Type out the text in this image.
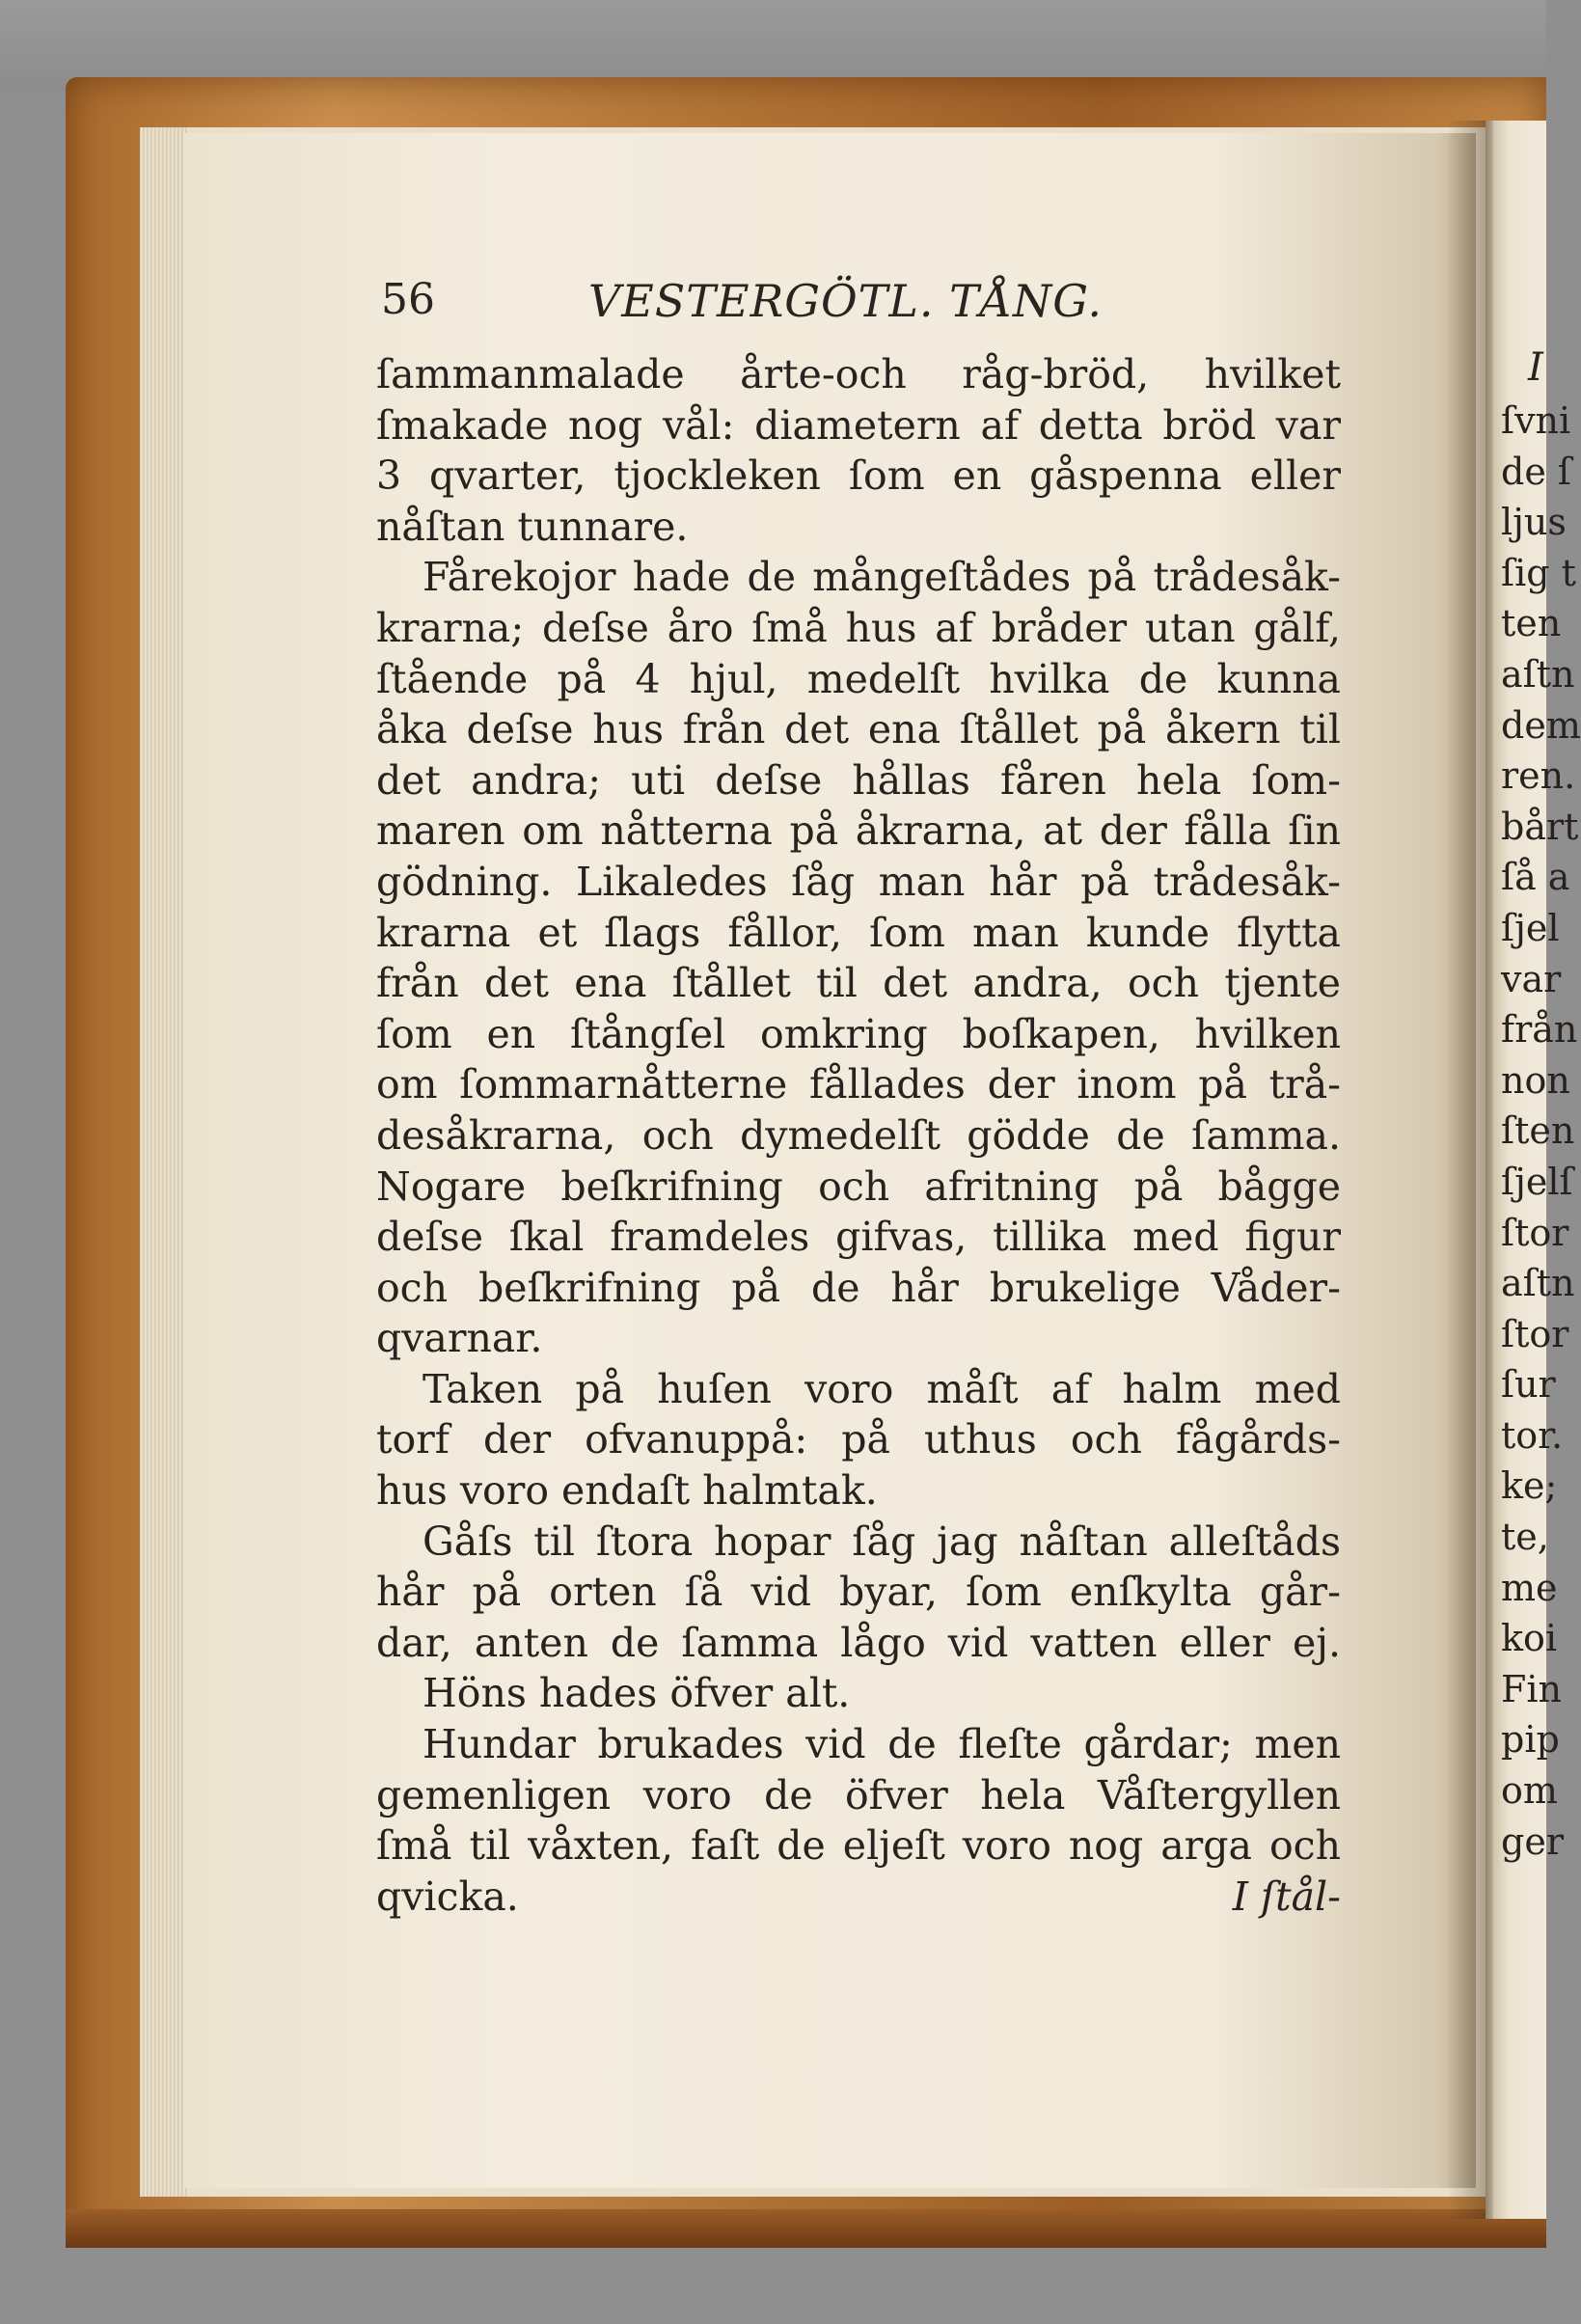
56	VESTERGÖTL. TÅNG.
ſammanmalade årte-och råg-bröd, hvilket
ſmakade nog vål: diametern af detta bröd var
3 qvarter, tjockleken ſom en gåspenna eller
nåſtan tunnare.
Fårekojor hade de mångeſtådes på trådesåk-
krarna; deſse åro ſmå hus af bråder utan gålf,
ſtående på 4 hjul, medelſt hvilka de kunna
åka deſse hus från det ena ſtållet på åkern til
det andra; uti deſse hållas fåren hela ſom-
maren om nåtterna på åkrarna, at der fålla ſin
gödning. Likaledes ſåg man hår på trådesåk-
krarna et ſlags fållor, ſom man kunde flytta
från det ena ſtållet til det andra, och tjente
ſom en ſtångſel omkring boſkapen, hvilken
om ſommarnåtterne fållades der inom på trå-
desåkrarna, och dymedelſt gödde de ſamma.
Nogare beſkrifning och afritning på bågge
deſse ſkal framdeles gifvas, tillika med figur
och beſkrifning på de hår brukelige Våder-
qvarnar.
Taken på huſen voro måſt af halm med
torf der ofvanuppå: på uthus och fågårds-
hus voro endaſt halmtak.
Gåſs til ſtora hopar ſåg jag nåſtan alleſtåds
hår på orten ſå vid byar, ſom enſkylta går-
dar, anten de ſamma lågo vid vatten eller ej.
Höns hades öfver alt.
Hundar brukades vid de fleſte gårdar; men
gemenligen voro de öfver hela Våſtergyllen
ſmå til våxten, faſt de eljeſt voro nog arga och
qvicka.	I ſtål-
I
ſvni
de ſ
ljus
ſig t
ten
aſtn
dem
ren.
bårt
ſå a
ſjel
var
från
non
ſten
ſjelſ
ſtor
aſtn
ſtor
ſur
tor.
ke;
te,
me
koi
Fin
pip
om
ger
